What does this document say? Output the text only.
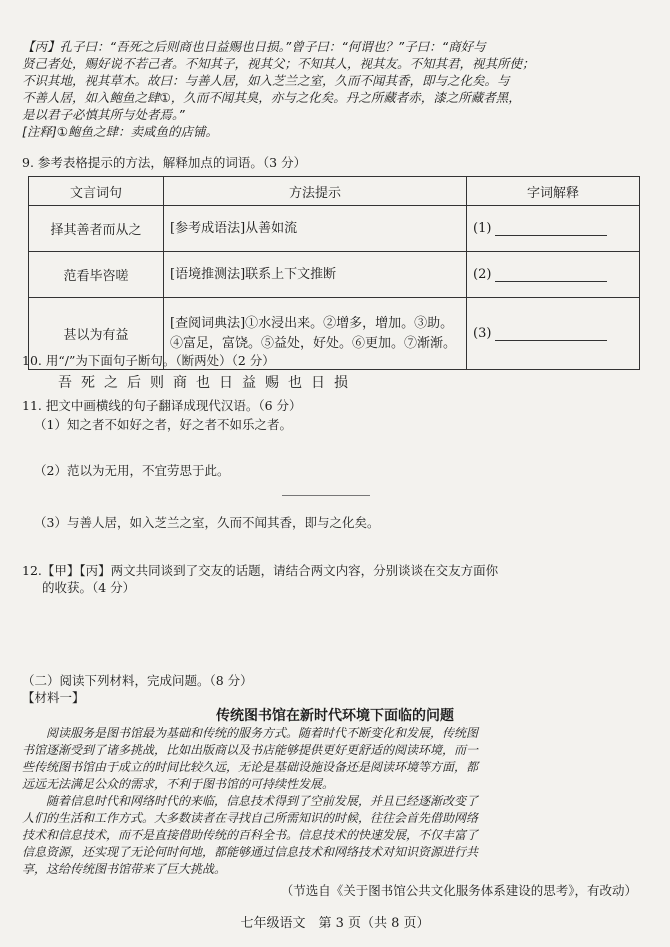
【丙】孔子曰：“吾死之后则商也日益赐也日损。”曾子曰：“何谓也？”子曰：“商好与
贤己者处，赐好说不若己者。不知其子，视其父；不知其人，视其友。不知其君，视其所使；
不识其地，视其草木。故曰：与善人居，如入芝兰之室，久而不闻其香，即与之化矣。与
不善人居，如入鲍鱼之肆①，久而不闻其臭，亦与之化矣。丹之所藏者赤，漆之所藏者黑，
是以君子必慎其所与处者焉。”
[注释]①鲍鱼之肆：卖咸鱼的店铺。
9. 参考表格提示的方法，解释加点的词语。（3 分）
文言词句	方法提示	字词解释
择其善者而从之	[参考成语法]从善如流	(1)
范看毕咨嗟	[语境推测法]联系上下文推断	(2)
甚以为有益	[查阅词典法]①水浸出来。②增多，增加。③助。④富足，富饶。⑤益处，好处。⑥更加。⑦渐渐。	(3)
10. 用“/”为下面句子断句。（断两处）（2 分）
吾死之后则商也日益赐也日损
11. 把文中画横线的句子翻译成现代汉语。（6 分）
（1）知之者不如好之者，好之者不如乐之者。
（2）范以为无用，不宜劳思于此。
（3）与善人居，如入芝兰之室，久而不闻其香，即与之化矣。
12.【甲】【丙】两文共同谈到了交友的话题，请结合两文内容，分别谈谈在交友方面你
的收获。（4 分）
（二）阅读下列材料，完成问题。（8 分）
【材料一】
传统图书馆在新时代环境下面临的问题
阅读服务是图书馆最为基础和传统的服务方式。随着时代不断变化和发展，传统图
书馆逐渐受到了诸多挑战，比如出版商以及书店能够提供更好更舒适的阅读环境，而一
些传统图书馆由于成立的时间比较久远，无论是基础设施设备还是阅读环境等方面，都
远远无法满足公众的需求，不利于图书馆的可持续性发展。
随着信息时代和网络时代的来临，信息技术得到了空前发展，并且已经逐渐改变了
人们的生活和工作方式。大多数读者在寻找自己所需知识的时候，往往会首先借助网络
技术和信息技术，而不是直接借助传统的百科全书。信息技术的快速发展，不仅丰富了
信息资源，还实现了无论何时何地，都能够通过信息技术和网络技术对知识资源进行共
享，这给传统图书馆带来了巨大挑战。
（节选自《关于图书馆公共文化服务体系建设的思考》，有改动）
七年级语文　第 3 页（共 8 页）
